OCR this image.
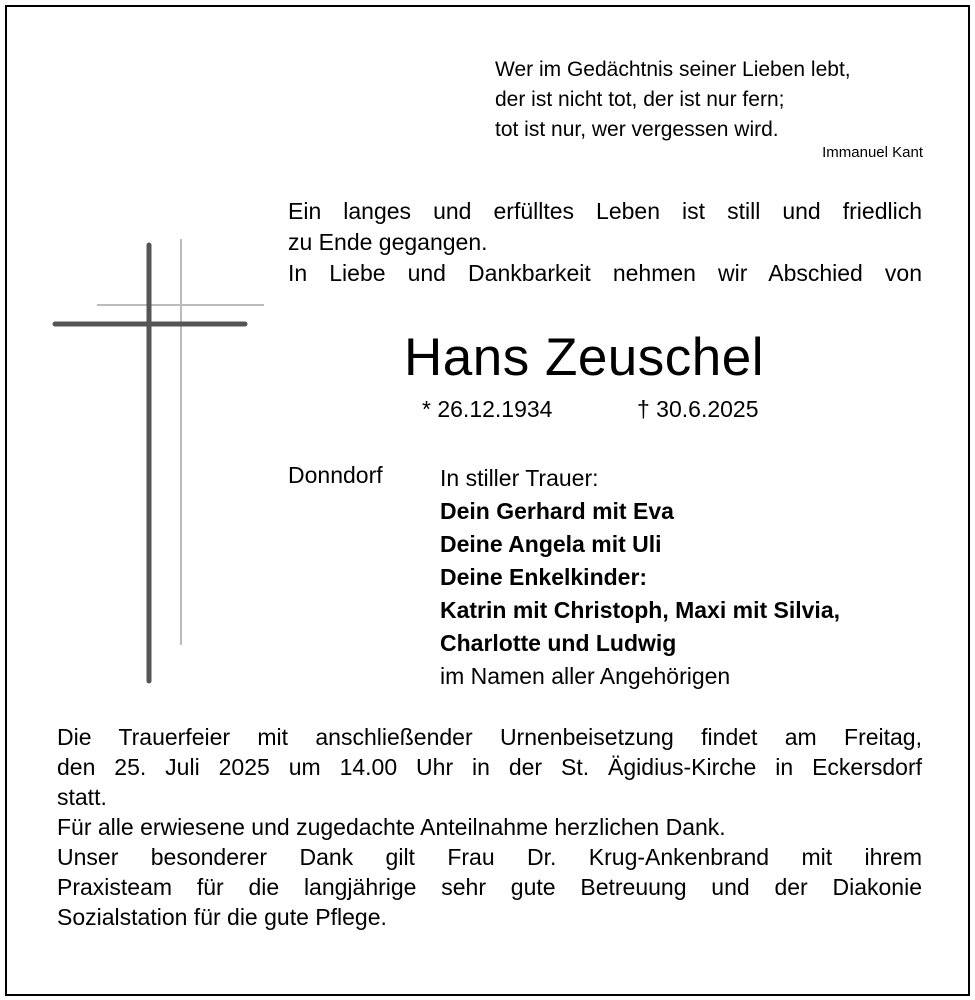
Wer im Gedächtnis seiner Lieben lebt,
der ist nicht tot, der ist nur fern;
tot ist nur, wer vergessen wird.
Immanuel Kant
Ein langes und erfülltes Leben ist still und friedlich
zu Ende gegangen.
In Liebe und Dankbarkeit nehmen wir Abschied von
Hans Zeuschel
* 26.12.1934	† 30.6.2025
Donndorf In stiller Trauer:
Dein Gerhard mit Eva
Deine Angela mit Uli
Deine Enkelkinder:
Katrin mit Christoph, Maxi mit Silvia,
Charlotte und Ludwig
im Namen aller Angehörigen
Die Trauerfeier mit anschließender Urnenbeisetzung findet am Freitag,
den 25. Juli 2025 um 14.00 Uhr in der St. Ägidius-Kirche in Eckersdorf
statt.
Für alle erwiesene und zugedachte Anteilnahme herzlichen Dank.
Unser besonderer Dank gilt Frau Dr. Krug-Ankenbrand mit ihrem
Praxisteam für die langjährige sehr gute Betreuung und der Diakonie
Sozialstation für die gute Pflege.
